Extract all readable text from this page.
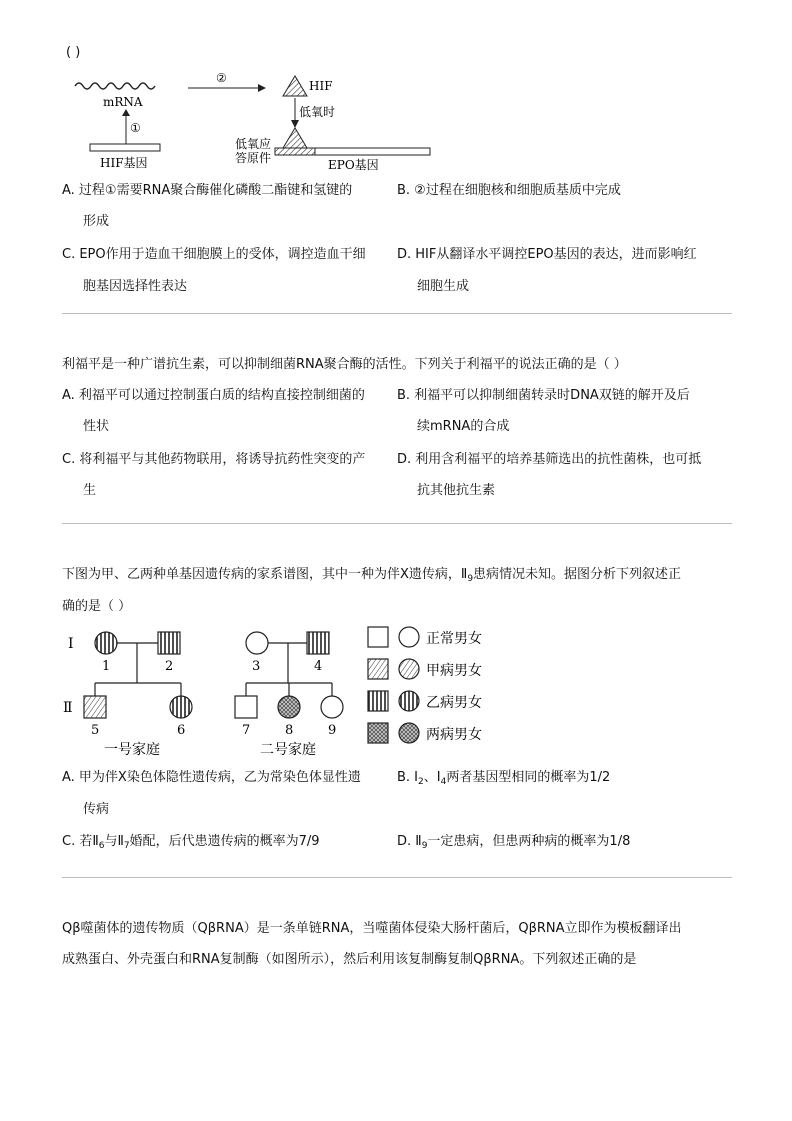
( )
mRNA
①
HIF基因
②
HIF
低氧时
低氧应
答原件	EPO基因
A. 过程①需要RNA聚合酶催化磷酸二酯键和氢键的
形成
B. ②过程在细胞核和细胞质基质中完成
C. EPO作用于造血干细胞膜上的受体，调控造血干细
胞基因选择性表达
D. HIF从翻译水平调控EPO基因的表达，进而影响红
细胞生成
利福平是一种广谱抗生素，可以抑制细菌RNA聚合酶的活性。下列关于利福平的说法正确的是（ ）
A. 利福平可以通过控制蛋白质的结构直接控制细菌的
性状
B. 利福平可以抑制细菌转录时DNA双链的解开及后
续mRNA的合成
C. 将利福平与其他药物联用，将诱导抗药性突变的产
生
D. 利用含利福平的培养基筛选出的抗性菌株，也可抵
抗其他抗生素
下图为甲、乙两种单基因遗传病的家系谱图，其中一种为伴X遗传病，$Ⅱ_9$患病情况未知。据图分析下列叙述正
确的是（ ）
Ⅰ
Ⅱ
1	2
5	6
一号家庭
3	4
7	8	9
二号家庭
正常男女
甲病男女
乙病男女
两病男女
A. 甲为伴X染色体隐性遗传病，乙为常染色体显性遗
传病
B. $Ⅰ_2$、$Ⅰ_4$两者基因型相同的概率为1/2
C. 若$Ⅱ_6$与$Ⅱ_7$婚配，后代患遗传病的概率为7/9	D. $Ⅱ_9$一定患病，但患两种病的概率为1/8
Qβ噬菌体的遗传物质（QβRNA）是一条单链RNA，当噬菌体侵染大肠杆菌后，QβRNA立即作为模板翻译出
成熟蛋白、外壳蛋白和RNA复制酶（如图所示），然后利用该复制酶复制QβRNA。下列叙述正确的是
